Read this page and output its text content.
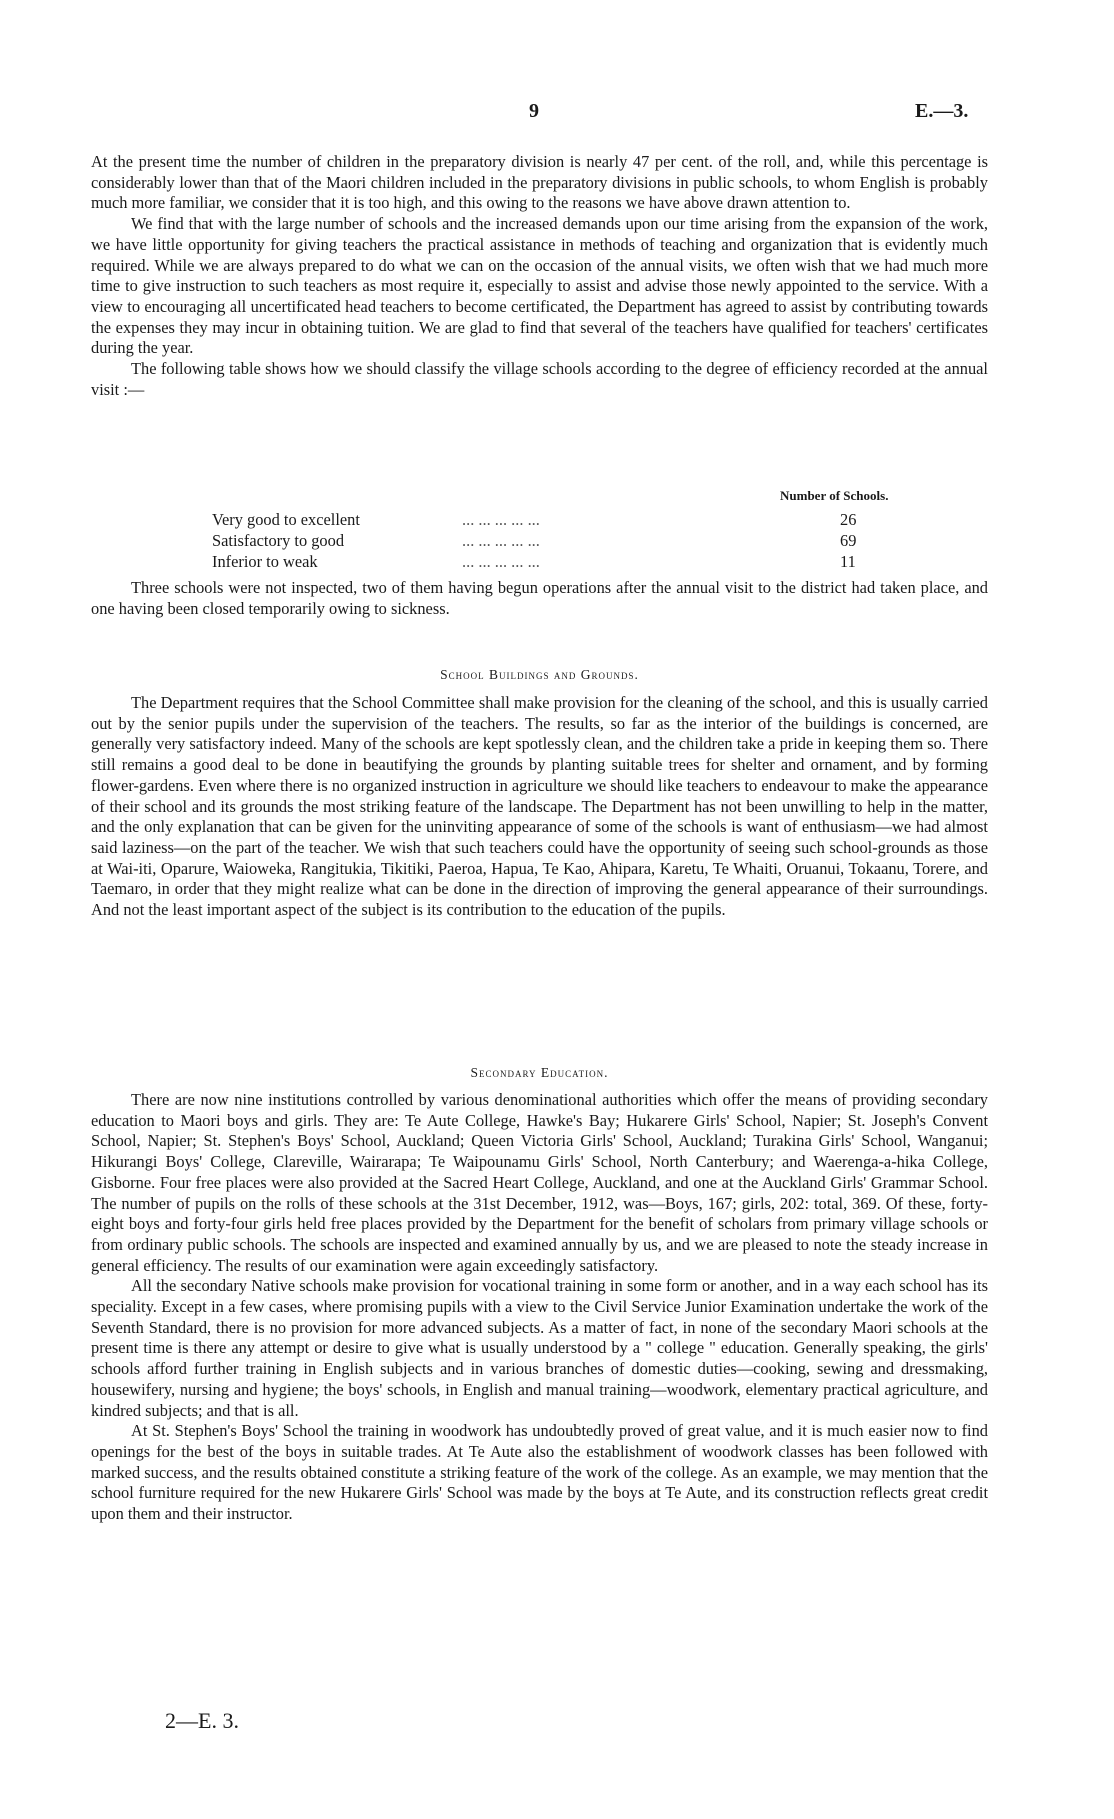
9	E.—3.

At the present time the number of children in the preparatory division is nearly 47 per cent. of the roll, and, while this percentage is considerably lower than that of the Maori children included in the preparatory divisions in public schools, to whom English is probably much more familiar, we consider that it is too high, and this owing to the reasons we have above drawn attention to.

We find that with the large number of schools and the increased demands upon our time arising from the expansion of the work, we have little opportunity for giving teachers the practical assistance in methods of teaching and organization that is evidently much required. While we are always prepared to do what we can on the occasion of the annual visits, we often wish that we had much more time to give instruction to such teachers as most require it, especially to assist and advise those newly appointed to the service. With a view to encouraging all uncertificated head teachers to become certificated, the Department has agreed to assist by contributing towards the expenses they may incur in obtaining tuition. We are glad to find that several of the teachers have qualified for teachers' certificates during the year.

The following table shows how we should classify the village schools according to the degree of efficiency recorded at the annual visit :—

Number of Schools.
Very good to excellent	... ... ... ... ...	26
Satisfactory to good	... ... ... ... ...	69
Inferior to weak	... ... ... ... ...	11

Three schools were not inspected, two of them having begun operations after the annual visit to the district had taken place, and one having been closed temporarily owing to sickness.

School Buildings and Grounds.

The Department requires that the School Committee shall make provision for the cleaning of the school, and this is usually carried out by the senior pupils under the supervision of the teachers. The results, so far as the interior of the buildings is concerned, are generally very satisfactory indeed. Many of the schools are kept spotlessly clean, and the children take a pride in keeping them so. There still remains a good deal to be done in beautifying the grounds by planting suitable trees for shelter and ornament, and by forming flower-gardens. Even where there is no organized instruction in agriculture we should like teachers to endeavour to make the appearance of their school and its grounds the most striking feature of the landscape. The Department has not been unwilling to help in the matter, and the only explanation that can be given for the uninviting appearance of some of the schools is want of enthusiasm—we had almost said laziness—on the part of the teacher. We wish that such teachers could have the opportunity of seeing such school-grounds as those at Wai-iti, Oparure, Waioweka, Rangitukia, Tikitiki, Paeroa, Hapua, Te Kao, Ahipara, Karetu, Te Whaiti, Oruanui, Tokaanu, Torere, and Taemaro, in order that they might realize what can be done in the direction of improving the general appearance of their surroundings. And not the least important aspect of the subject is its contribution to the education of the pupils.

Secondary Education.

There are now nine institutions controlled by various denominational authorities which offer the means of providing secondary education to Maori boys and girls. They are: Te Aute College, Hawke's Bay; Hukarere Girls' School, Napier; St. Joseph's Convent School, Napier; St. Stephen's Boys' School, Auckland; Queen Victoria Girls' School, Auckland; Turakina Girls' School, Wanganui; Hikurangi Boys' College, Clareville, Wairarapa; Te Waipounamu Girls' School, North Canterbury; and Waerenga-a-hika College, Gisborne. Four free places were also provided at the Sacred Heart College, Auckland, and one at the Auckland Girls' Grammar School. The number of pupils on the rolls of these schools at the 31st December, 1912, was—Boys, 167; girls, 202: total, 369. Of these, forty-eight boys and forty-four girls held free places provided by the Department for the benefit of scholars from primary village schools or from ordinary public schools. The schools are inspected and examined annually by us, and we are pleased to note the steady increase in general efficiency. The results of our examination were again exceedingly satisfactory.

All the secondary Native schools make provision for vocational training in some form or another, and in a way each school has its speciality. Except in a few cases, where promising pupils with a view to the Civil Service Junior Examination undertake the work of the Seventh Standard, there is no provision for more advanced subjects. As a matter of fact, in none of the secondary Maori schools at the present time is there any attempt or desire to give what is usually understood by a " college " education. Generally speaking, the girls' schools afford further training in English subjects and in various branches of domestic duties—cooking, sewing and dressmaking, housewifery, nursing and hygiene; the boys' schools, in English and manual training—woodwork, elementary practical agriculture, and kindred subjects; and that is all.

At St. Stephen's Boys' School the training in woodwork has undoubtedly proved of great value, and it is much easier now to find openings for the best of the boys in suitable trades. At Te Aute also the establishment of woodwork classes has been followed with marked success, and the results obtained constitute a striking feature of the work of the college. As an example, we may mention that the school furniture required for the new Hukarere Girls' School was made by the boys at Te Aute, and its construction reflects great credit upon them and their instructor.

2—E. 3.
